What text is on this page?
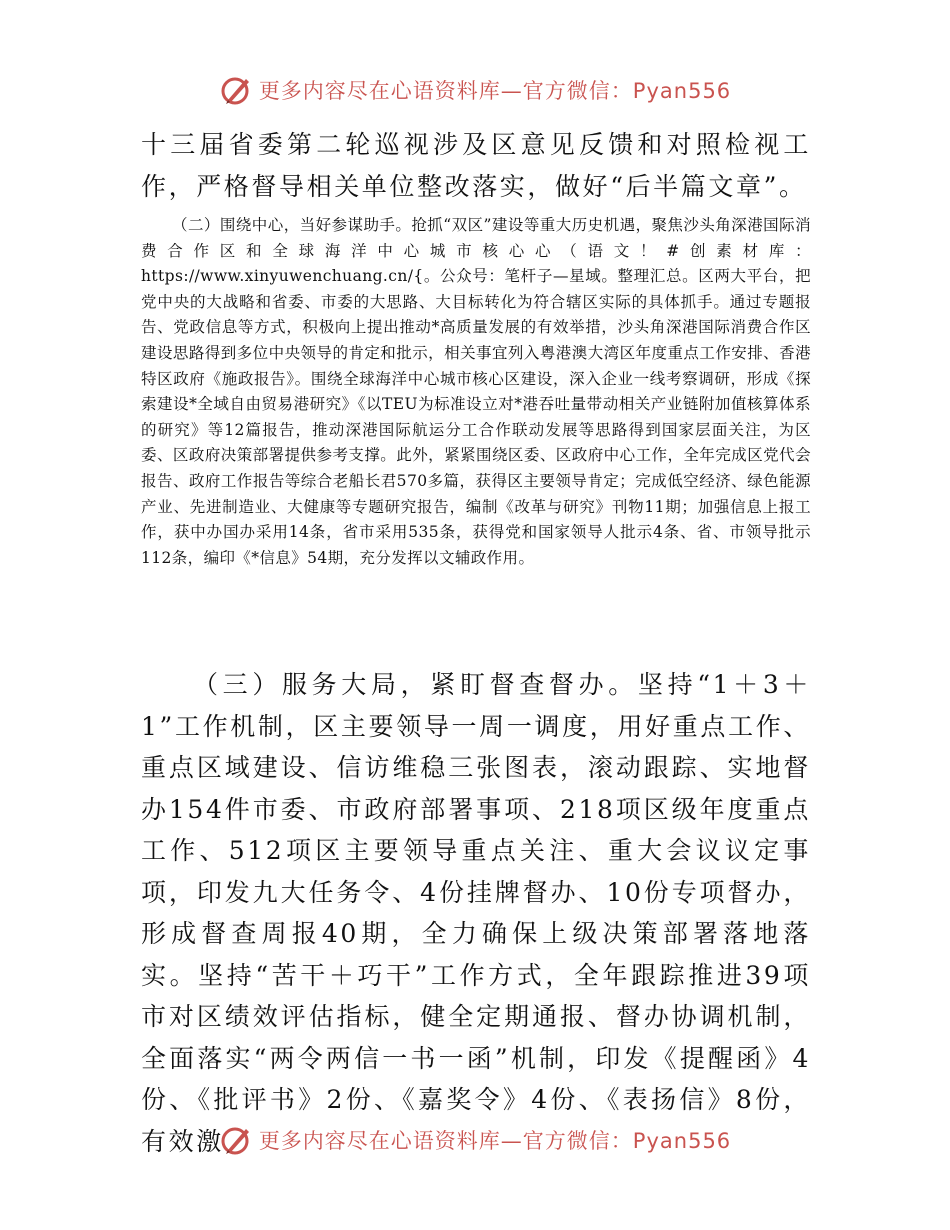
更多内容尽在心语资料库—官方微信：Pyan556

十三届省委第二轮巡视涉及区意见反馈和对照检视工作，严格督导相关单位整改落实，做好“后半篇文章”。

（二）围绕中心，当好参谋助手。抢抓“双区”建设等重大历史机遇，聚焦沙头角深港国际消费合作区和全球海洋中心城市核心心（语文！#创素材库：https://www.xinyuwenchuang.cn/{。公众号：笔杆子—星域。整理汇总。区两大平台，把党中央的大战略和省委、市委的大思路、大目标转化为符合辖区实际的具体抓手。通过专题报告、党政信息等方式，积极向上提出推动*高质量发展的有效举措，沙头角深港国际消费合作区建设思路得到多位中央领导的肯定和批示，相关事宜列入粤港澳大湾区年度重点工作安排、香港特区政府《施政报告》。围绕全球海洋中心城市核心区建设，深入企业一线考察调研，形成《探索建设*全域自由贸易港研究》《以TEU为标准设立对*港吞吐量带动相关产业链附加值核算体系的研究》等12篇报告，推动深港国际航运分工合作联动发展等思路得到国家层面关注，为区委、区政府决策部署提供参考支撑。此外，紧紧围绕区委、区政府中心工作，全年完成区党代会报告、政府工作报告等综合老船长君570多篇，获得区主要领导肯定；完成低空经济、绿色能源产业、先进制造业、大健康等专题研究报告，编制《改革与研究》刊物11期；加强信息上报工作，获中办国办采用14条，省市采用535条，获得党和国家领导人批示4条、省、市领导批示112条，编印《*信息》54期，充分发挥以文辅政作用。

（三）服务大局，紧盯督查督办。坚持“1＋3＋1”工作机制，区主要领导一周一调度，用好重点工作、重点区域建设、信访维稳三张图表，滚动跟踪、实地督办154件市委、市政府部署事项、218项区级年度重点工作、512项区主要领导重点关注、重大会议议定事项，印发九大任务令、4份挂牌督办、10份专项督办，形成督查周报40期，全力确保上级决策部署落地落实。坚持“苦干＋巧干”工作方式，全年跟踪推进39项市对区绩效评估指标，健全定期通报、督办协调机制，全面落实“两令两信一书一函”机制，印发《提醒函》4份、《批评书》2份、《嘉奖令》4份、《表扬信》8份，有效激	更多内容尽在心语资料库—官方微信：Pyan556
